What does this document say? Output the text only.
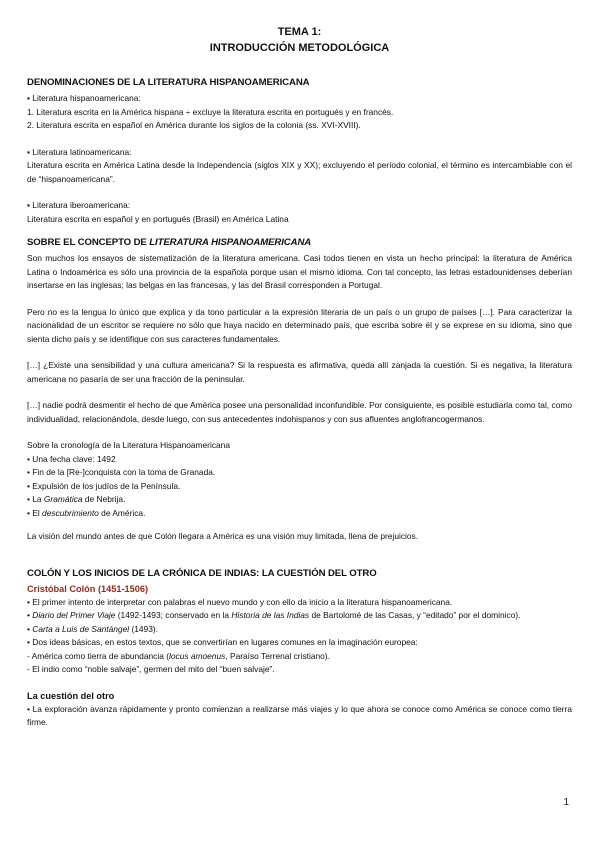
TEMA 1:
INTRODUCCIÓN METODOLÓGICA
DENOMINACIONES DE LA LITERATURA HISPANOAMERICANA

▪ Literatura hispanoamericana:

1. Literatura escrita en la América hispana ÷ excluye la literatura escrita en portugués y en francés.

2. Literatura escrita en español en América durante los siglos de la colonia (ss. XVI-XVIII).

▪ Literatura latinoamericana:

Literatura escrita en América Latina desde la Independencia (siglos XIX y XX); excluyendo el período colonial, el término es intercambiable con el de “hispanoamericana”.

▪ Literatura iberoamericana:

Literatura escrita en español y en portugués (Brasil) en América Latina

SOBRE EL CONCEPTO DE LITERATURA HISPANOAMERICANA

Son muchos los ensayos de sistematización de la literatura americana. Casi todos tienen en vista un hecho principal: la literatura de América Latina o Indoamérica es sólo una provincia de la española porque usan el mismo idioma. Con tal concepto, las letras estadounidenses deberían insertarse en las inglesas; las belgas en las francesas, y las del Brasil corresponden a Portugal.

Pero no es la lengua lo único que explica y da tono particular a la expresión literaria de un país o un grupo de países […]. Para caracterizar la nacionalidad de un escritor se requiere no sólo que haya nacido en determinado país, que escriba sobre él y se exprese en su idioma, sino que sienta dicho país y se identifique con sus caracteres fundamentales.

[…] ¿Existe una sensibilidad y una cultura americana? Si la respuesta es afirmativa, queda allí zanjada la cuestión. Si es negativa, la literatura americana no pasaría de ser una fracción de la peninsular.

[…] nadie podrá desmentir el hecho de que América posee una personalidad inconfundible. Por consiguiente, es posible estudiarla como tal, como individualidad, relacionándola, desde luego, con sus antecedentes indohispanos y con sus afluentes anglofrancogermanos.

Sobre la cronología de la Literatura Hispanoamericana

• Una fecha clave: 1492
• Fin de la [Re-]conquista con la toma de Granada.
• Expulsión de los judíos de la Península.
• La Gramática de Nebrija.
• El descubrimiento de América.

La visión del mundo antes de que Colón llegara a América es una visión muy limitada, llena de prejuicios.

COLÓN Y LOS INICIOS DE LA CRÓNICA DE INDIAS: LA CUESTIÓN DEL OTRO
Cristóbal Colón (1451-1506)
• El primer intento de interpretar con palabras el nuevo mundo y con ello da inicio a la literatura hispanoamericana.
• Diario del Primer Viaje (1492-1493; conservado en la Historia de las Indias de Bartolomé de las Casas, y “editado” por el dominico).
• Carta a Luis de Santángel (1493).
• Dos ideas básicas, en estos textos, que se convertirían en lugares comunes en la imaginación europea:

- América como tierra de abundancia (locus amoenus, Paraíso Terrenal cristiano).

- El indio como “noble salvaje”, germen del mito del “buen salvaje”.

La cuestión del otro

• La exploración avanza rápidamente y pronto comienzan a realizarse más viajes y lo que ahora se conoce como América se conoce como tierra firme.

1
